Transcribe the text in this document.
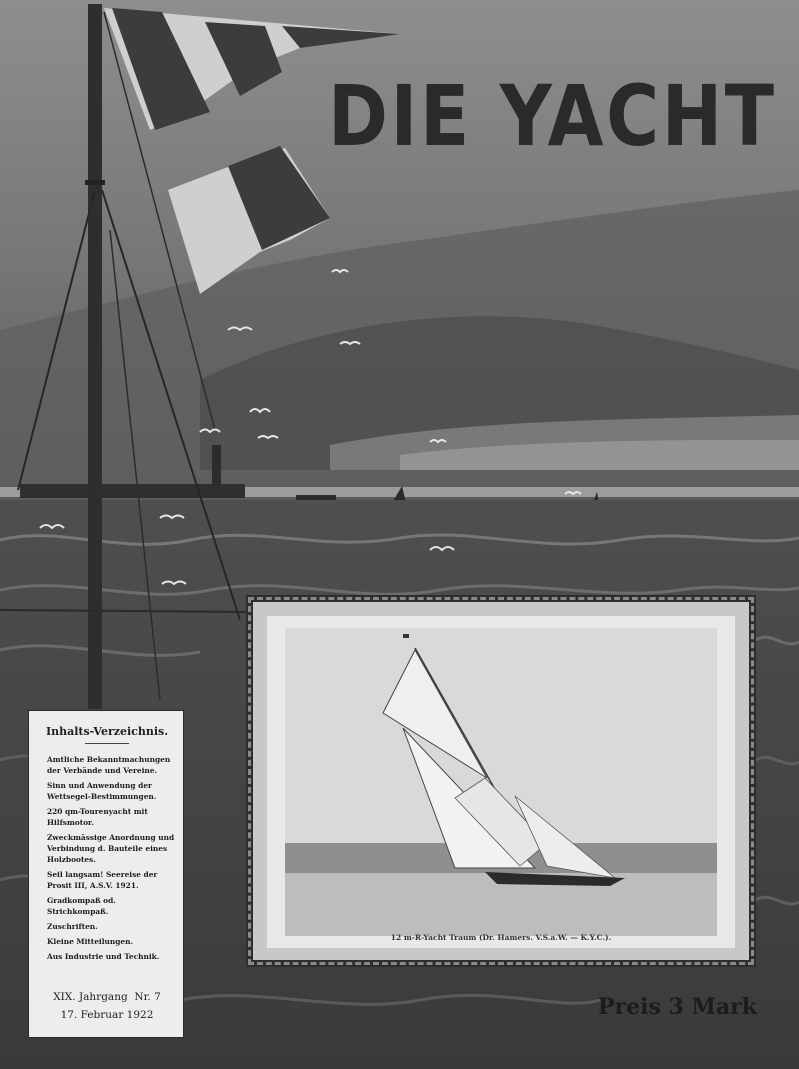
DIE YACHT
Inhalts-Verzeichnis.
Amtliche Bekanntmachungen der Verbände und Vereine.
Sinn und Anwendung der Wettsegel-Bestimmungen.
220 qm-Tourenyacht mit Hilfsmotor.
Zweckmässige Anordnung und Verbindung d. Bauteile eines Holzbootes.
Seil langsam! Seereise der Prosit III, A.S.V. 1921.
Gradkompaß od. Strichkompaß.
Zuschriften.
Kleine Mitteilungen.
Aus Industrie und Technik.
XIX. Jahrgang Nr. 7
17. Februar 1922
12 m-R-Yacht Traum (Dr. Hamers. V.S.a.W. — K.Y.C.).
Preis 3 Mark
